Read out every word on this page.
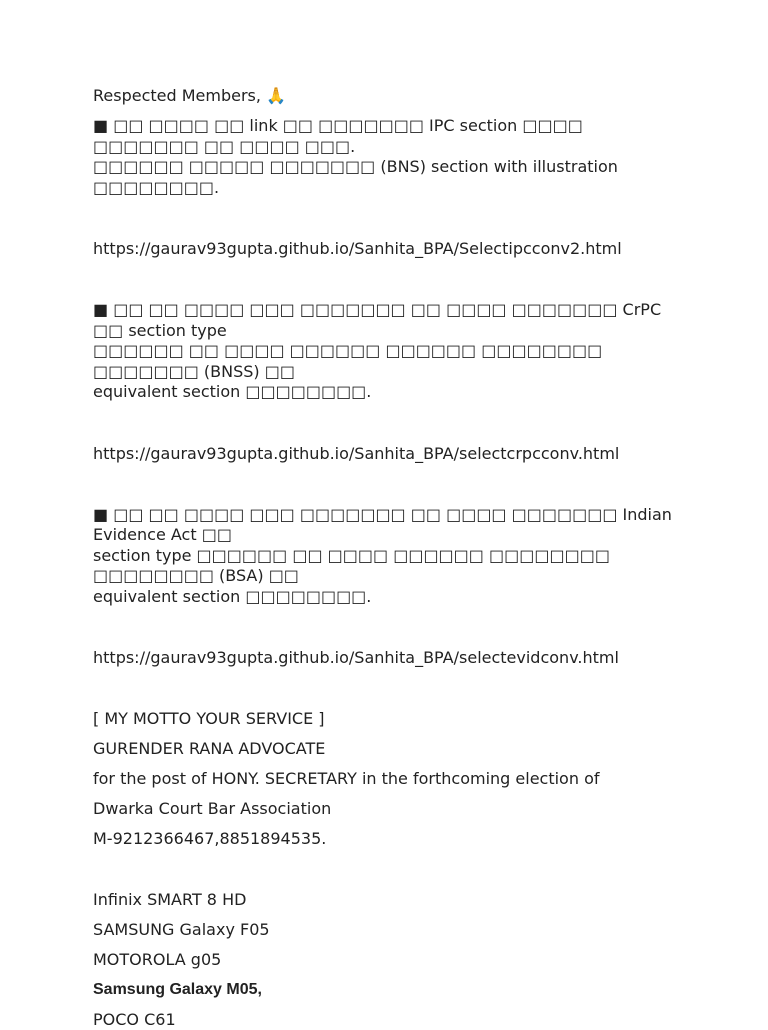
Respected Members, 🙏
■ □□ □□□□ □□ link □□ □□□□□□□ IPC section □□□□ □□□□□□□ □□ □□□□ □□□.
□□□□□□ □□□□□ □□□□□□□ (BNS) section with illustration □□□□□□□□.
https://gaurav93gupta.github.io/Sanhita_BPA/Selectipcconv2.html
■ □□ □□ □□□□ □□□ □□□□□□□ □□ □□□□ □□□□□□□ CrPC □□ section type
□□□□□□ □□ □□□□ □□□□□□ □□□□□□ □□□□□□□□ □□□□□□□ (BNSS) □□
equivalent section □□□□□□□□.
https://gaurav93gupta.github.io/Sanhita_BPA/selectcrpcconv.html
■ □□ □□ □□□□ □□□ □□□□□□□ □□ □□□□ □□□□□□□ Indian Evidence Act □□
section type □□□□□□ □□ □□□□ □□□□□□ □□□□□□□□ □□□□□□□□ (BSA) □□
equivalent section □□□□□□□□.
https://gaurav93gupta.github.io/Sanhita_BPA/selectevidconv.html
[ MY MOTTO YOUR SERVICE ]
GURENDER RANA ADVOCATE
for the post of HONY. SECRETARY in the forthcoming election of
Dwarka Court Bar Association
M-9212366467,8851894535.
Infinix SMART 8 HD
SAMSUNG Galaxy F05
MOTOROLA g05
Samsung Galaxy M05,
POCO C61
